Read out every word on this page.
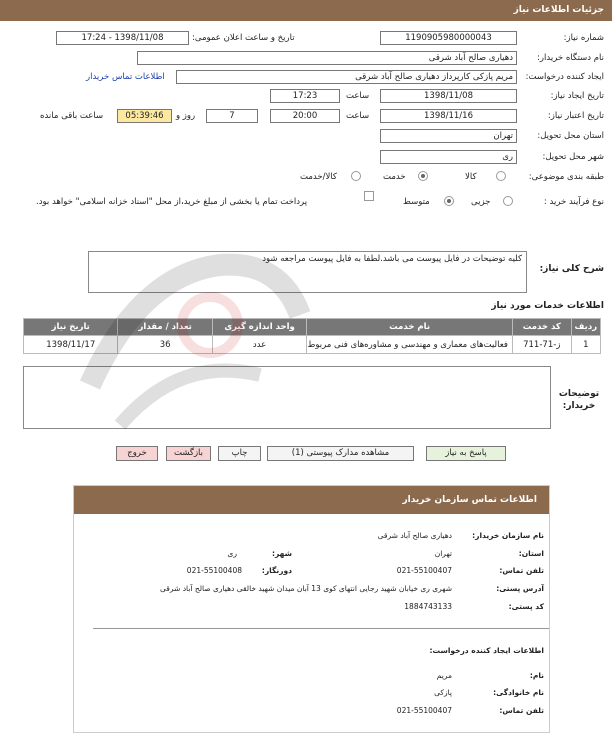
جزئیات اطلاعات نیاز
شماره نیاز:
1190905980000043
تاریخ و ساعت اعلان عمومی:
1398/11/08 - 17:24
نام دستگاه خریدار:
دهیاری صالح آباد شرقی
ایجاد کننده درخواست:
مریم پازکی کارپرداز دهیاری صالح آباد شرقی
اطلاعات تماس خریدار
تاریخ ایجاد نیاز:
1398/11/08
ساعت
17:23
تاریخ اعتبار نیاز:
1398/11/16
ساعت
20:00
7
روز و
05:39:46
ساعت باقی مانده
استان محل تحویل:
تهران
شهر محل تحویل:
ری
طبقه بندی موضوعی:
کالا
خدمت
کالا/خدمت
نوع فرآیند خرید :
جزیی
متوسط
پرداخت تمام یا بخشی از مبلغ خرید،از محل "اسناد خزانه اسلامی" خواهد بود.
شرح کلی نیاز:
کلیه توضیحات در فایل پیوست می باشد.لطفا به فایل پیوست مراجعه شود
اطلاعات خدمات مورد نیاز
ردیف	کد خدمت	نام خدمت	واحد اندازه گیری	تعداد / مقدار	تاریخ نیاز
1	ز-71-711	فعالیت‌های معماری و مهندسی و مشاوره‌های فنی مربوط	عدد	36	1398/11/17
توضیحات خریدار:
پاسخ به نیاز
مشاهده مدارک پیوستی (1)
چاپ
بازگشت
خروج
اطلاعات تماس سازمان خریدار
نام سازمان خریدار:
دهیاری صالح آباد شرقی
استان:
تهران
شهر:
ری
تلفن تماس:
021-55100407
دورنگار:
021-55100408
آدرس پستی:
شهری ری خیابان شهید رجایی انتهای کوی 13 آبان میدان شهید خالقی دهیاری صالح آباد شرقی
کد پستی:
1884743133
اطلاعات ایجاد کننده درخواست:
نام:
مریم
نام خانوادگی:
پازکی
تلفن تماس:
021-55100407
